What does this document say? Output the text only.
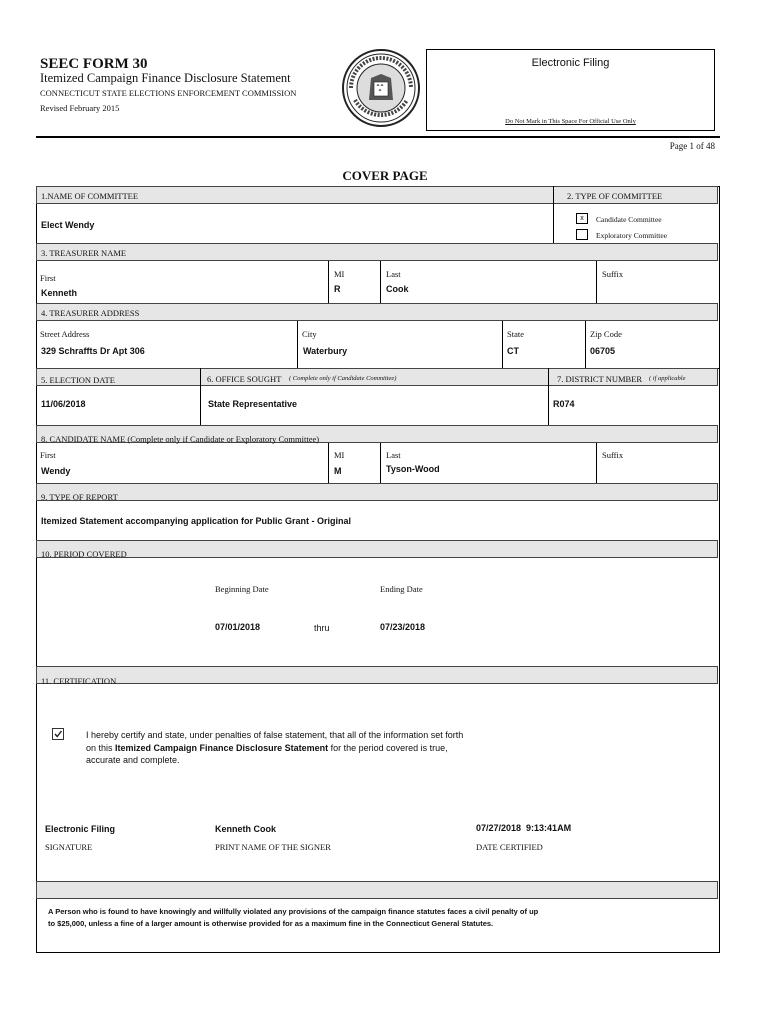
SEEC FORM 30
Itemized Campaign Finance Disclosure Statement
CONNECTICUT STATE ELECTIONS ENFORCEMENT COMMISSION
Revised February 2015
Electronic Filing
Do Not Mark in This Space For Official Use Only
Page 1 of 48
COVER PAGE
1.NAME OF COMMITTEE	2. TYPE OF COMMITTEE
Elect Wendy
x	Candidate Committee
Exploratory Committee
3. TREASURER NAME
First
Kenneth
MI
R
Last
Cook
Suffix
4. TREASURER ADDRESS
Street Address
329 Schraffts Dr Apt 306
City
Waterbury
State
CT
Zip Code
06705
5. ELECTION DATE	6. OFFICE SOUGHT ( Complete only if Candidate Committee)	7. DISTRICT NUMBER ( if applicable
11/06/2018	State Representative	R074
8. CANDIDATE NAME (Complete only if Candidate or Exploratory Committee)
First
Wendy
MI
M
Last
Tyson-Wood
Suffix
9. TYPE OF REPORT
Itemized Statement accompanying application for Public Grant - Original
10. PERIOD COVERED
Beginning Date	Ending Date
07/01/2018	thru	07/23/2018
11. CERTIFICATION
I hereby certify and state, under penalties of false statement, that all of the information set forth
on this Itemized Campaign Finance Disclosure Statement for the period covered is true,
accurate and complete.
Electronic Filing
SIGNATURE
Kenneth Cook
PRINT NAME OF THE SIGNER
07/27/2018  9:13:41AM
DATE CERTIFIED
A Person who is found to have knowingly and willfully violated any provisions of the campaign finance statutes faces a civil penalty of up
to $25,000, unless a fine of a larger amount is otherwise provided for as a maximum fine in the Connecticut General Statutes.
